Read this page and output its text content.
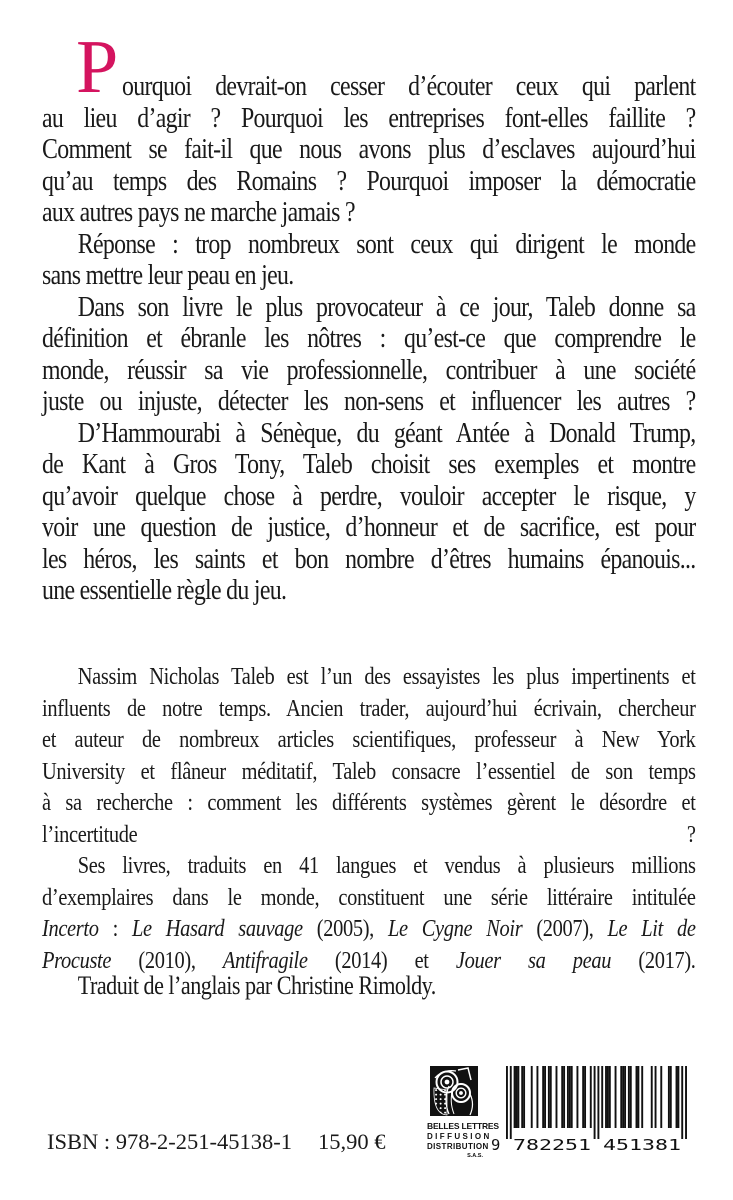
P ourquoi devrait-on cesser d’écouter ceux qui parlent
au lieu d’agir ? Pourquoi les entreprises font-elles faillite ?
Comment se fait-il que nous avons plus d’esclaves aujourd’hui
qu’au temps des Romains ? Pourquoi imposer la démocratie
aux autres pays ne marche jamais ?
Réponse : trop nombreux sont ceux qui dirigent le monde
sans mettre leur peau en jeu.
Dans son livre le plus provocateur à ce jour, Taleb donne sa
définition et ébranle les nôtres : qu’est-ce que comprendre le
monde, réussir sa vie professionnelle, contribuer à une société
juste ou injuste, détecter les non-sens et influencer les autres ?
D’Hammourabi à Sénèque, du géant Antée à Donald Trump,
de Kant à Gros Tony, Taleb choisit ses exemples et montre
qu’avoir quelque chose à perdre, vouloir accepter le risque, y
voir une question de justice, d’honneur et de sacrifice, est pour
les héros, les saints et bon nombre d’êtres humains épanouis...
une essentielle règle du jeu.
Nassim Nicholas Taleb est l’un des essayistes les plus impertinents et
influents de notre temps. Ancien trader, aujourd’hui écrivain, chercheur
et auteur de nombreux articles scientifiques, professeur à New York
University et flâneur méditatif, Taleb consacre l’essentiel de son temps
à sa recherche : comment les différents systèmes gèrent le désordre et
l’incertitude ?
Ses livres, traduits en 41 langues et vendus à plusieurs millions
d’exemplaires dans le monde, constituent une série littéraire intitulée
Incerto : Le Hasard sauvage (2005), Le Cygne Noir (2007), Le Lit de
Procuste (2010), Antifragile (2014) et Jouer sa peau (2017).
Traduit de l’anglais par Christine Rimoldy.
ISBN : 978-2-251-45138-1 15,90 €
BELLES LETTRES
DIFFUSION
DISTRIBUTION
S.A.S.
9 782251 451381
